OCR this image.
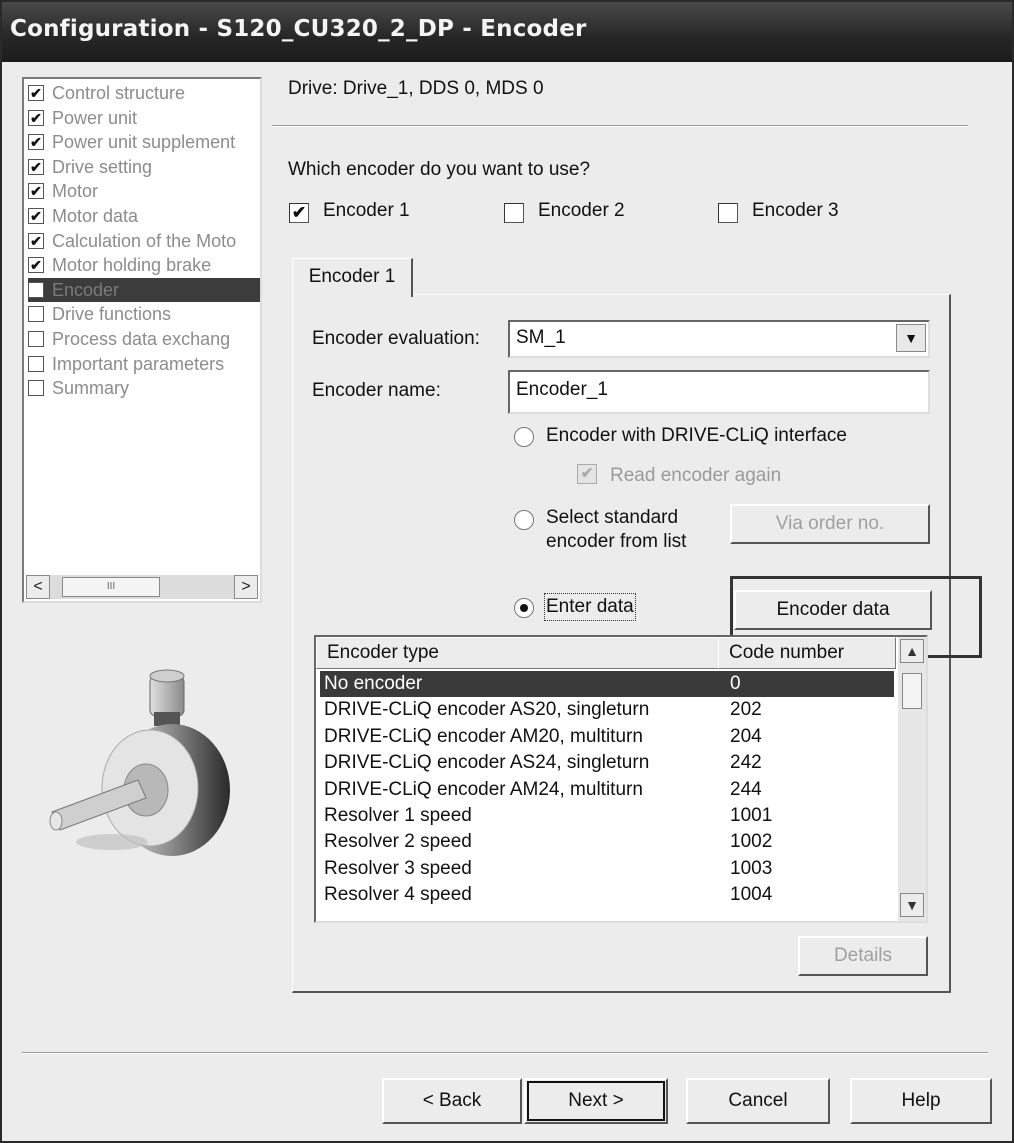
Configuration - S120_CU320_2_DP - Encoder
✔ Control structure
✔ Power unit
✔ Power unit supplement
✔ Drive setting
✔ Motor
✔ Motor data
✔ Calculation of the Moto
✔ Motor holding brake
Encoder
Drive functions
Process data exchang
Important parameters
Summary
<	III	>
Drive: Drive_1, DDS 0, MDS 0
Which encoder do you want to use?
✔ Encoder 1	Encoder 2	Encoder 3
Encoder 1
Encoder evaluation: SM_1	▼
Encoder name:	Encoder_1
Encoder with DRIVE-CLiQ interface
✔ Read encoder again
Select standard
encoder from list
Via order no.
Enter data	Encoder data
Encoder type	Code number
No encoder	0
DRIVE-CLiQ encoder AS20, singleturn	202
DRIVE-CLiQ encoder AM20, multiturn	204
DRIVE-CLiQ encoder AS24, singleturn	242
DRIVE-CLiQ encoder AM24, multiturn	244
Resolver 1 speed	1001
Resolver 2 speed	1002
Resolver 3 speed	1003
Resolver 4 speed	1004
▲
▼
Details
< Back	Next >	Cancel	Help
